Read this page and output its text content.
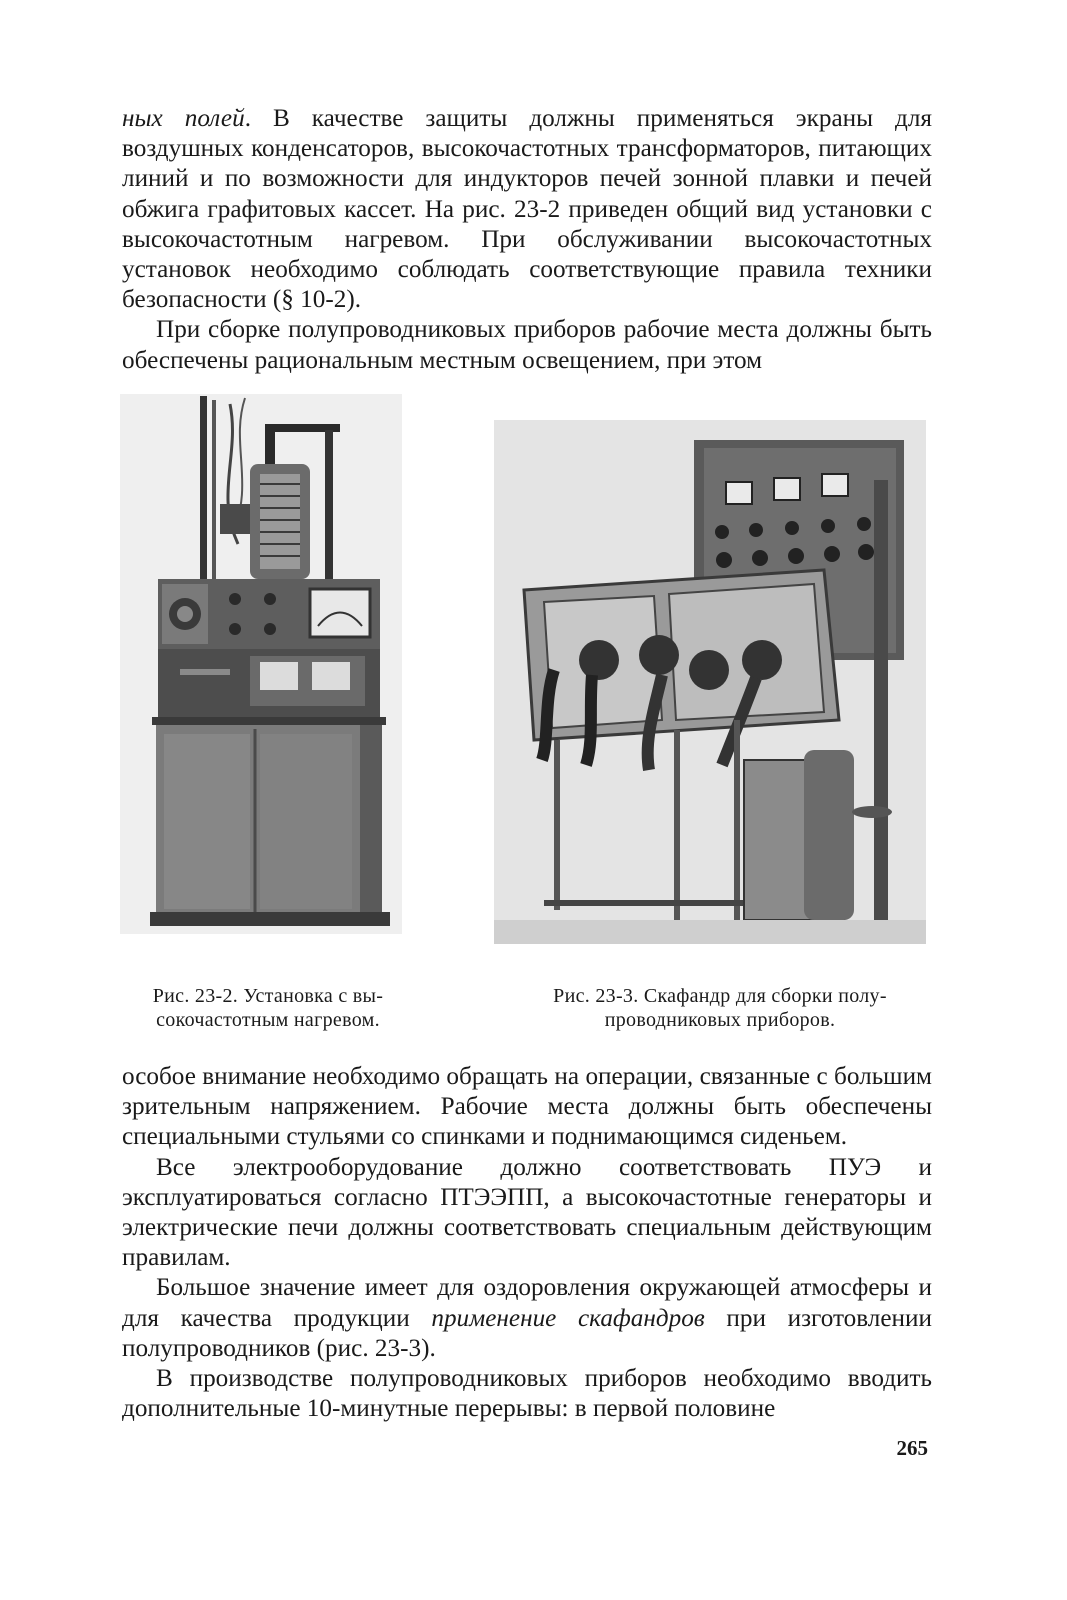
ных полей. В качестве защиты должны применяться экраны для воздушных конденсаторов, высокочастотных трансформаторов, питающих линий и по возможности для индукторов печей зонной плавки и печей обжига графитовых кассет. На рис. 23-2 приведен общий вид установки с высокочастотным нагревом. При обслуживании высокочастотных установок необходимо соблюдать соответствующие правила техники безопасности (§ 10-2).

При сборке полупроводниковых приборов рабочие места должны быть обеспечены рациональным местным освещением, при этом

Рис. 23-2. Установка с вы-
сокочастотным нагревом.
Рис. 23-3. Скафандр для сборки полу-
проводниковых приборов.

особое внимание необходимо обращать на операции, связанные с большим зрительным напряжением. Рабочие места должны быть обеспечены специальными стульями со спинками и поднимающимся сиденьем.

Все электрооборудование должно соответствовать ПУЭ и эксплуатироваться согласно ПТЭЭПП, а высокочастотные генераторы и электрические печи должны соответствовать специальным действующим правилам.

Большое значение имеет для оздоровления окружающей атмосферы и для качества продукции применение скафандров при изготовлении полупроводников (рис. 23-3).

В производстве полупроводниковых приборов необходимо вводить дополнительные 10-минутные перерывы: в первой половине

265
